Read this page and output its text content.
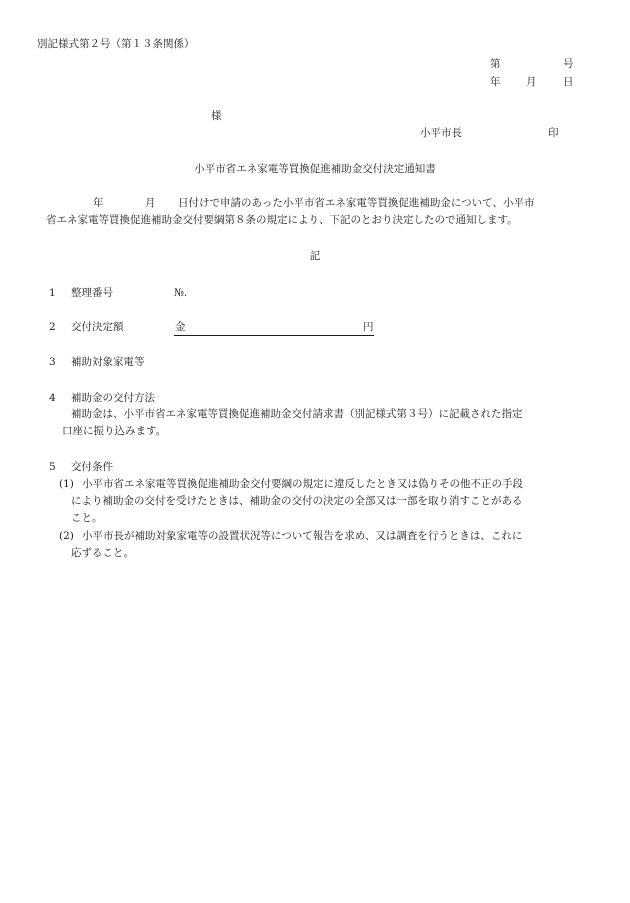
別記様式第２号（第１３条関係）
第	号
年 月	日
様
小平市長	印
小平市省エネ家電等買換促進補助金交付決定通知書
年	月 日付けで申請のあった小平市省エネ家電等買換促進補助金について、小平市
省エネ家電等買換促進補助金交付要綱第８条の規定により、下記のとおり決定したので通知します。
記
1 整理番号	№.
2 交付決定額	金	円
3 補助対象家電等
4 補助金の交付方法
補助金は、小平市省エネ家電等買換促進補助金交付請求書（別記様式第３号）に記載された指定
口座に振り込みます。
5 交付条件
(1) 小平市省エネ家電等買換促進補助金交付要綱の規定に違反したとき又は偽りその他不正の手段
により補助金の交付を受けたときは、補助金の交付の決定の全部又は一部を取り消すことがある
こと。
(2) 小平市長が補助対象家電等の設置状況等について報告を求め、又は調査を行うときは、これに
応ずること。
